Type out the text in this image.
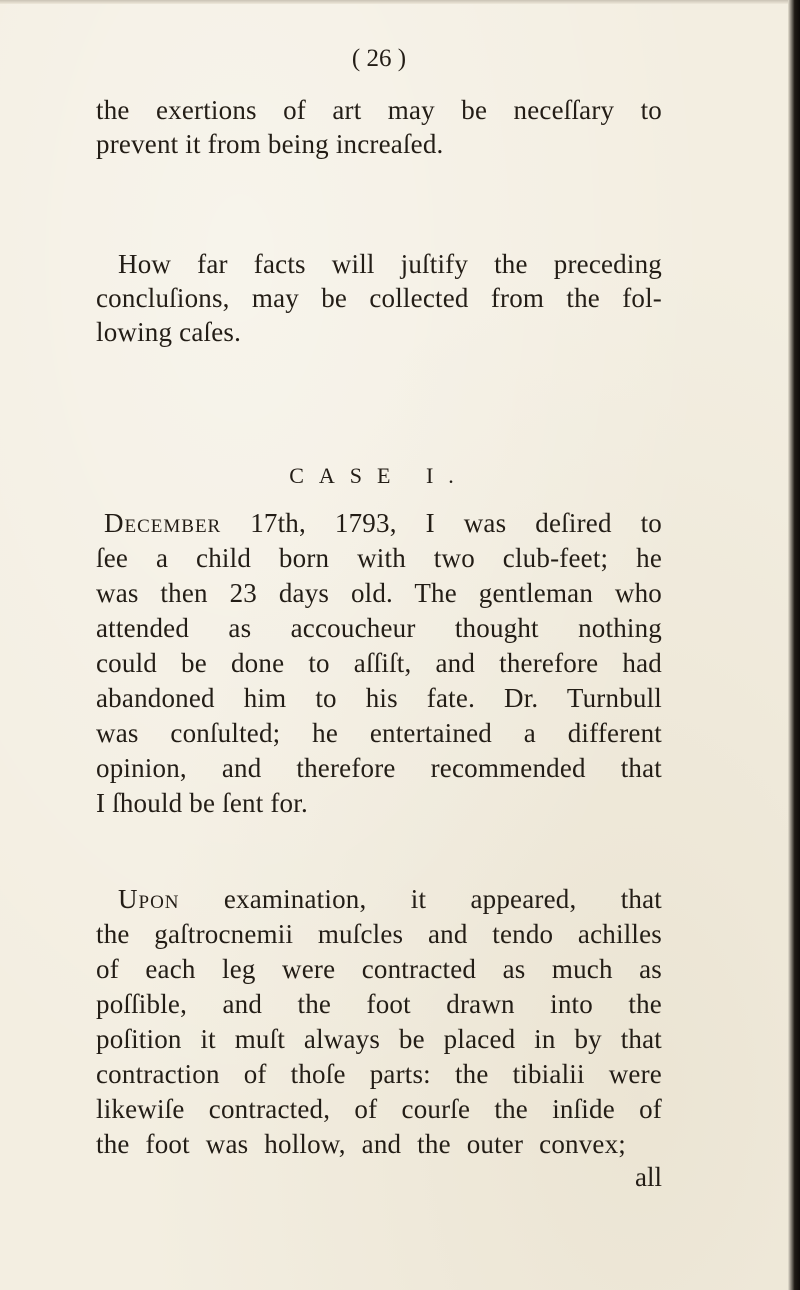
( 26 )
the exertions of art may be neceſſary to
prevent it from being increaſed.
How far facts will juſtify the preceding
concluſions, may be collected from the fol-
lowing caſes.
CASE I.
December 17th, 1793, I was deſired to
ſee a child born with two club-feet; he
was then 23 days old. The gentleman who
attended as accoucheur thought nothing
could be done to aſſiſt, and therefore had
abandoned him to his fate. Dr. Turnbull
was conſulted; he entertained a different
opinion, and therefore recommended that
I ſhould be ſent for.
Upon examination, it appeared, that
the gaſtrocnemii muſcles and tendo achilles
of each leg were contracted as much as
poſſible, and the foot drawn into the
poſition it muſt always be placed in by that
contraction of thoſe parts: the tibialii were
likewiſe contracted, of courſe the inſide of
the foot was hollow, and the outer convex;
all
